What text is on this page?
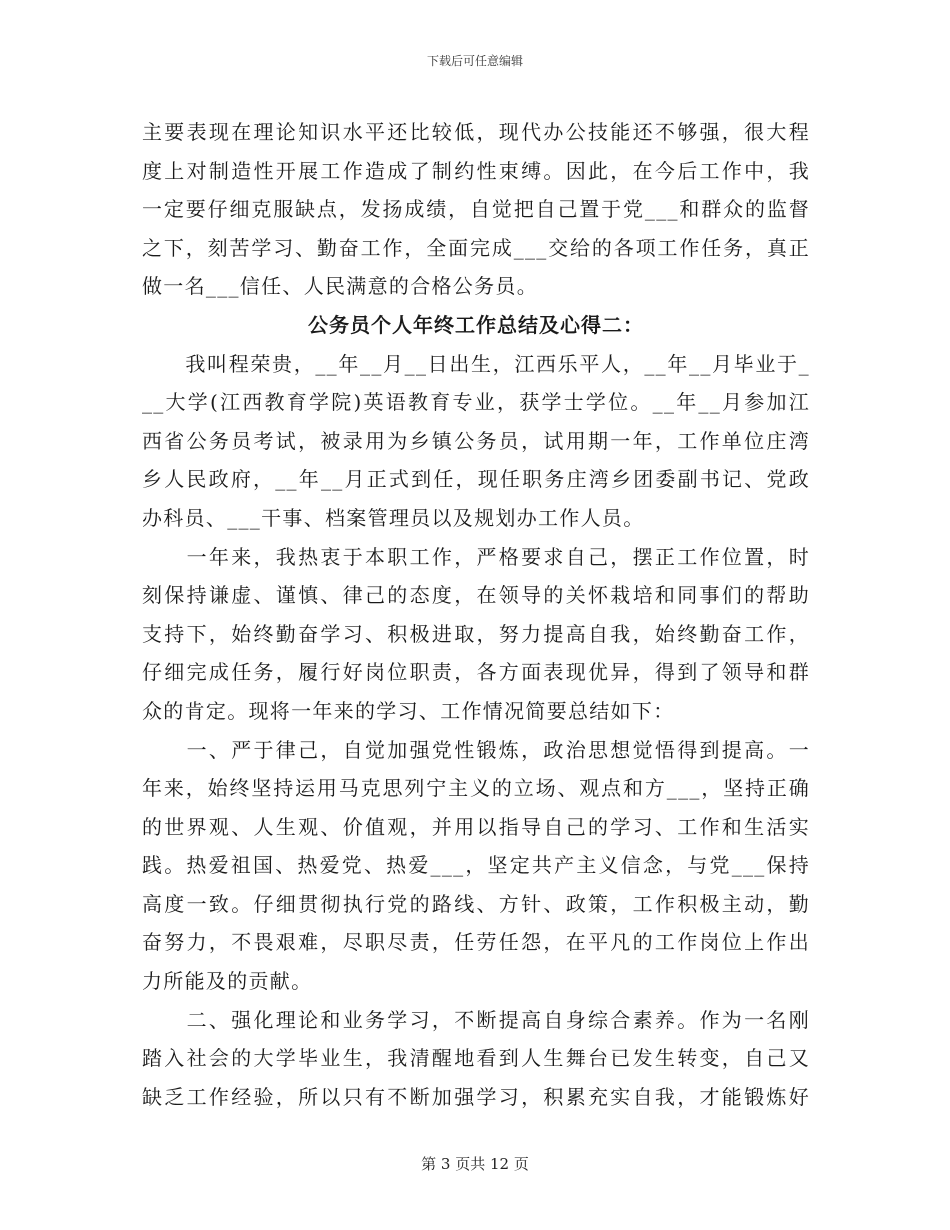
下载后可任意编辑
主要表现在理论知识水平还比较低，现代办公技能还不够强，很大程
度上对制造性开展工作造成了制约性束缚。因此，在今后工作中，我
一定要仔细克服缺点，发扬成绩，自觉把自己置于党___和群众的监督
之下，刻苦学习、勤奋工作，全面完成___交给的各项工作任务，真正
做一名___信任、人民满意的合格公务员。
公务员个人年终工作总结及心得二：
　　我叫程荣贵，__年__月__日出生，江西乐平人，__年__月毕业于_
__大学(江西教育学院)英语教育专业，获学士学位。__年__月参加江
西省公务员考试，被录用为乡镇公务员，试用期一年，工作单位庄湾
乡人民政府，__年__月正式到任，现任职务庄湾乡团委副书记、党政
办科员、___干事、档案管理员以及规划办工作人员。
　　一年来，我热衷于本职工作，严格要求自己，摆正工作位置，时
刻保持谦虚、谨慎、律己的态度，在领导的关怀栽培和同事们的帮助
支持下，始终勤奋学习、积极进取，努力提高自我，始终勤奋工作，
仔细完成任务，履行好岗位职责，各方面表现优异，得到了领导和群
众的肯定。现将一年来的学习、工作情况简要总结如下：
　　一、严于律己，自觉加强党性锻炼，政治思想觉悟得到提高。一
年来，始终坚持运用马克思列宁主义的立场、观点和方___，坚持正确
的世界观、人生观、价值观，并用以指导自己的学习、工作和生活实
践。热爱祖国、热爱党、热爱___，坚定共产主义信念，与党___保持
高度一致。仔细贯彻执行党的路线、方针、政策，工作积极主动，勤
奋努力，不畏艰难，尽职尽责，任劳任怨，在平凡的工作岗位上作出
力所能及的贡献。
　　二、强化理论和业务学习，不断提高自身综合素养。作为一名刚
踏入社会的大学毕业生，我清醒地看到人生舞台已发生转变，自己又
缺乏工作经验，所以只有不断加强学习，积累充实自我，才能锻炼好
第 3 页共 12 页
